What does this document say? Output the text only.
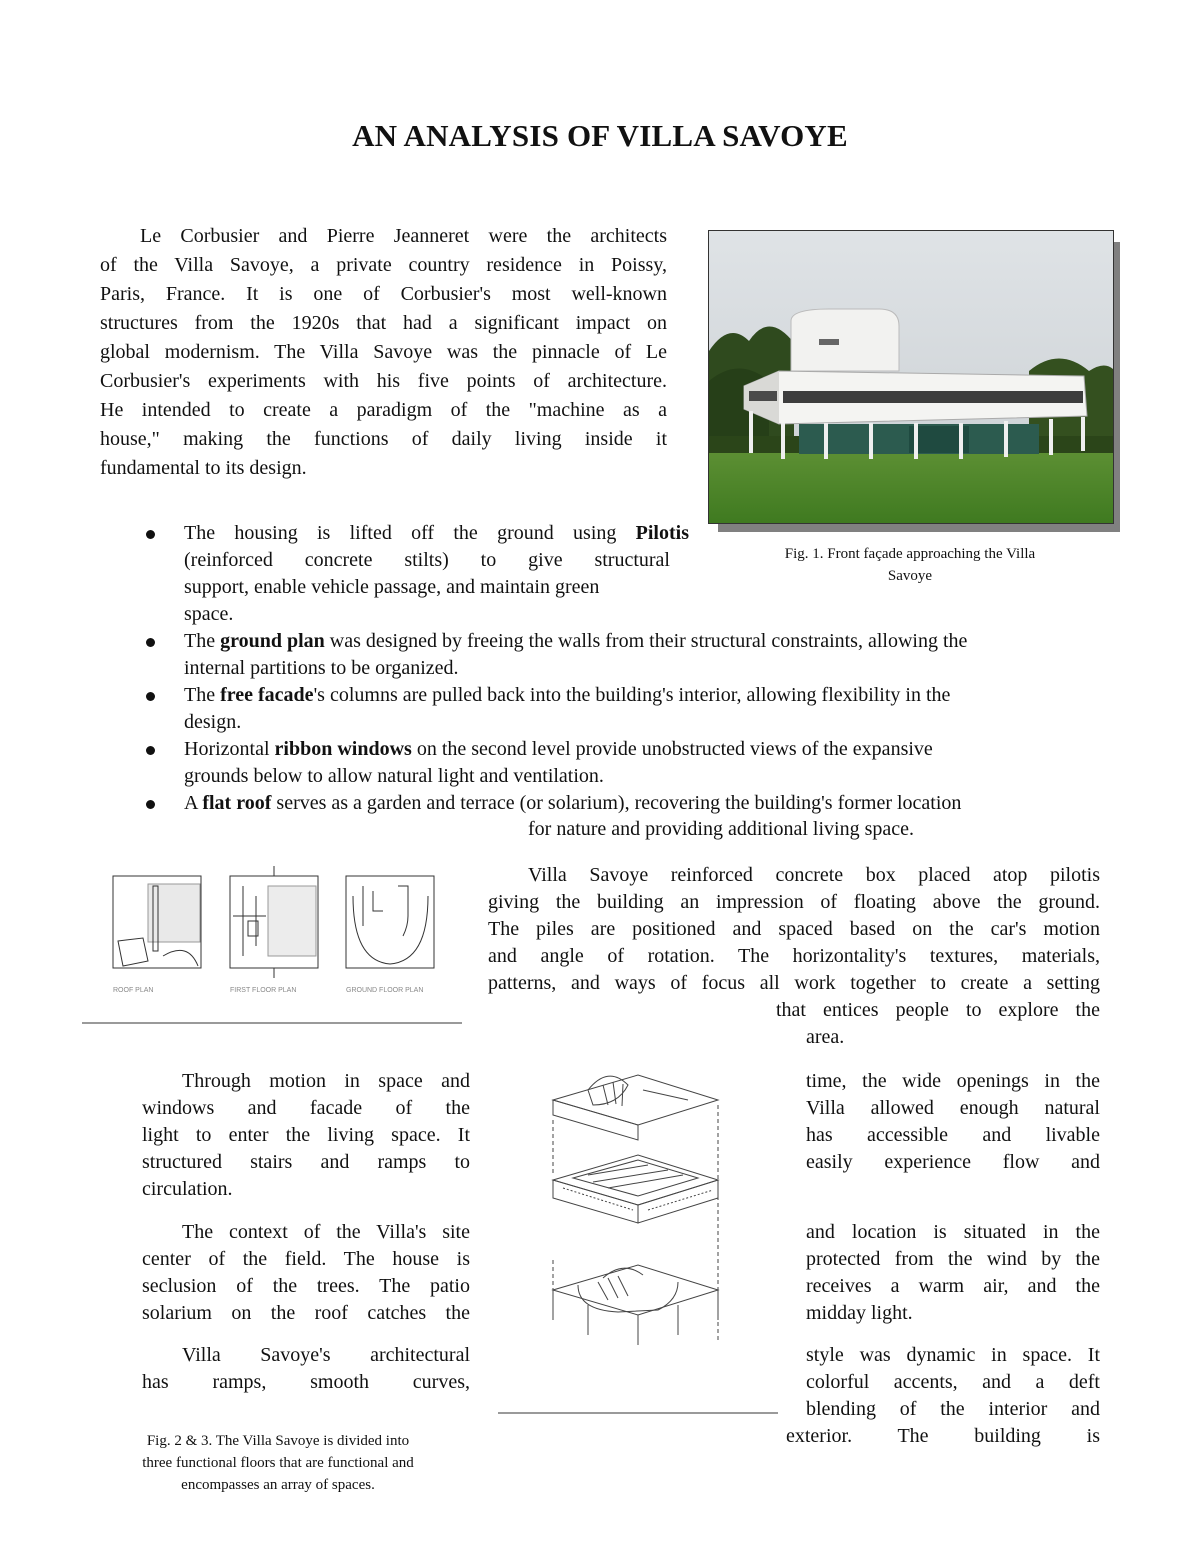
AN ANALYSIS OF VILLA SAVOYE
Le Corbusier and Pierre Jeanneret were the architects
of the Villa Savoye, a private country residence in Poissy,
Paris, France. It is one of Corbusier's most well-known
structures from the 1920s that had a significant impact on
global modernism. The Villa Savoye was the pinnacle of Le
Corbusier's experiments with his five points of architecture.
He intended to create a paradigm of the "machine as a
house," making the functions of daily living inside it
fundamental to its design.
Fig. 1. Front façade approaching the Villa
Savoye
The housing is lifted off the ground using Pilotis
(reinforced concrete stilts) to give structural
support, enable vehicle passage, and maintain green
space.
The ground plan was designed by freeing the walls from their structural constraints, allowing the
internal partitions to be organized.
The free facade's columns are pulled back into the building's interior, allowing flexibility in the
design.
Horizontal ribbon windows on the second level provide unobstructed views of the expansive
grounds below to allow natural light and ventilation.
A flat roof serves as a garden and terrace (or solarium), recovering the building's former location
for nature and providing additional living space.
ROOF PLAN	FIRST FLOOR PLAN	GROUND FLOOR PLAN
Villa Savoye reinforced concrete box placed atop pilotis
giving the building an impression of floating above the ground.
The piles are positioned and spaced based on the car's motion
and angle of rotation. The horizontality's textures, materials,
patterns, and ways of focus all work together to create a setting
that entices people to explore the
area.
Through motion in space and
windows and facade of the
light to enter the living space. It
structured stairs and ramps to
circulation.
time, the wide openings in the
Villa allowed enough natural
has accessible and livable
easily experience flow and
The context of the Villa's site
center of the field. The house is
seclusion of the trees. The patio
solarium on the roof catches the
and location is situated in the
protected from the wind by the
receives a warm air, and the
midday light.
Villa Savoye's architectural
has ramps, smooth curves,
style was dynamic in space. It
colorful accents, and a deft
blending of the interior and
exterior. The building is
Fig. 2 & 3. The Villa Savoye is divided into
three functional floors that are functional and
encompasses an array of spaces.
